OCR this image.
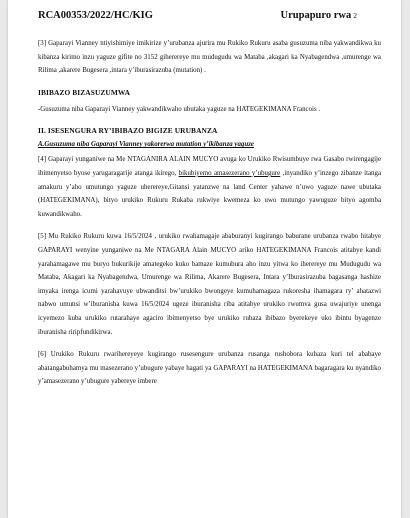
RCA00353/2022/HC/KIG	Urupapuro rwa 2

[3] Gaparayi Vianney ntiyishimiye imikirize y’urubanza ajurira mu Rukiko Rukuru asaba gusuzuma niba yakwandikwa ku kibanza kirimo inzu yaguze gifite no 3152 giherereye mu mudugudu wa Mataba ,akagari ka Nyabagendwa ,umurenge wa Rilima ,akarere Bugesera ,intara y’iburasirazuba (mutation) .

IBIBAZO BIZASUZUMWA

-Gusuzuma niba Gaparayi Vianney yakwandikwaho ubutaka yaguze na HATEGEKIMANA Francois .

II. ISESENGURA RY’IBIBAZO BIGIZE URUBANZA
A.Gusuzuma niba Gaparayi Vianney yakorerwa mutation y’ikibanza yaguze

[4] Gaparayi yunganiwe na Me NTAGANIRA ALAIN MUCYO avuga ko Urukiko Rwisumbuye rwa Gasabo rwirengagije ibimenyetso byose yarugaragarije atanga ikirego, bikubiyemo amasezerano y’ubugure ,inyandiko y’inzego zibanze itanga amakuru y’aho umutungo yaguze uherereye,Gitansi yatanzwe na land Center yahawe n’uwo yaguze nawe ubutaka (HATEGEKIMANA), bityo urukiko Rukuru Rukaba rukwiye kwemeza ko uwo mutungo yawuguze bityo agomba kuwandikwaho.

[5] Mu Rukiko Rukuru kuwa 16/5/2024 , urukiko rwahamagaje ababuranyi kugirango baburane urubanza rwabo hitabye GAPARAYI wenyine yunganiwe na Me NTAGARA Alain MUCYO ariko HATEGEKIMANA Francois atitabye kandi yarahamagawe mu buryo bukurikije amategeko kuko bamaze kumubura aho inzu yitwa ko iherereye mu Mudugudu wa Mataba, Akagari ka Nyabagendwa, Umurenge wa Rilima, Akarere Bugesera, Intara y’Iburasirazuba bagasanga hashize imyaka irenga icumi yarahavuye ubwanditsi bw’urukiko bwongeye kumuhamagaza rukoresha ihamagara ry’ ahatazwi nabwo umunsi w’iburanisha kuwa 16/5/2024 ugeze iburanisha riba atitabye urukiko rwumva gusa uwajuriye unenga icyemezo kuba urukiko rutarahaye agaciro ibimenyetso bye urukiko rubaza ibibazo byerekeye uko ibintu byagenze iburanisha riripfundikirwa.

[6] Urukiko Rukuru rwarihereyeye kugirango rusesengure urubanza rusanga rushobora kubaza kuri tel ababaye abatangabuhamya mu masezerano y’ubugure yabaye hagati ya GAPARAYI na HATEGEKIMANA bagaragara ku nyandiko y’amasezerano y’ubugure yabereye imbere
